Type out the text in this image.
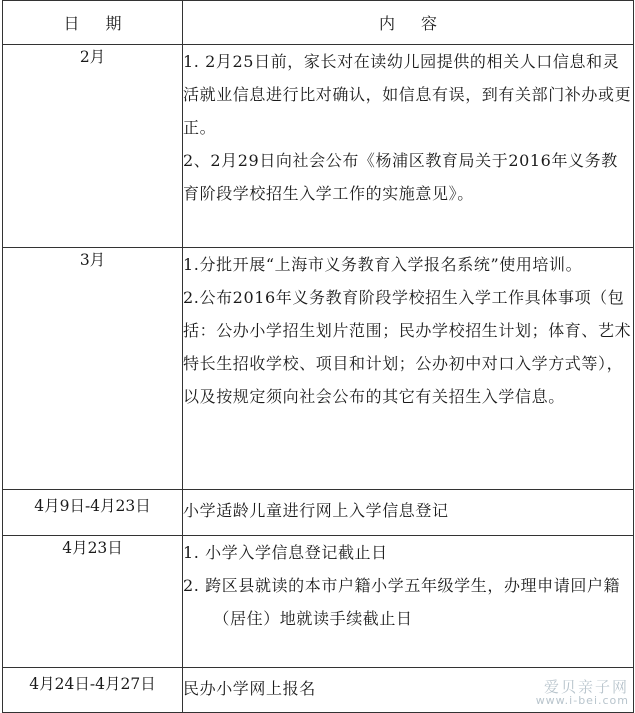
日期	内容
2月	1. 2月25日前，家长对在读幼儿园提供的相关人口信息和灵活就业信息进行比对确认，如信息有误，到有关部门补办或更正。
2、2月29日向社会公布《杨浦区教育局关于2016年义务教育阶段学校招生入学工作的实施意见》。

3月	1.分批开展“上海市义务教育入学报名系统”使用培训。
2.公布2016年义务教育阶段学校招生入学工作具体事项（包括：公办小学招生划片范围；民办学校招生计划；体育、艺术特长生招收学校、项目和计划；公办初中对口入学方式等），以及按规定须向社会公布的其它有关招生入学信息。

4月9日-4月23日	小学适龄儿童进行网上入学信息登记

4月23日	1. 小学入学信息登记截止日
2. 跨区县就读的本市户籍小学五年级学生，办理申请回户籍（居住）地就读手续截止日

4月24日-4月27日	民办小学网上报名	爱贝亲子网
www.i-bei.com
